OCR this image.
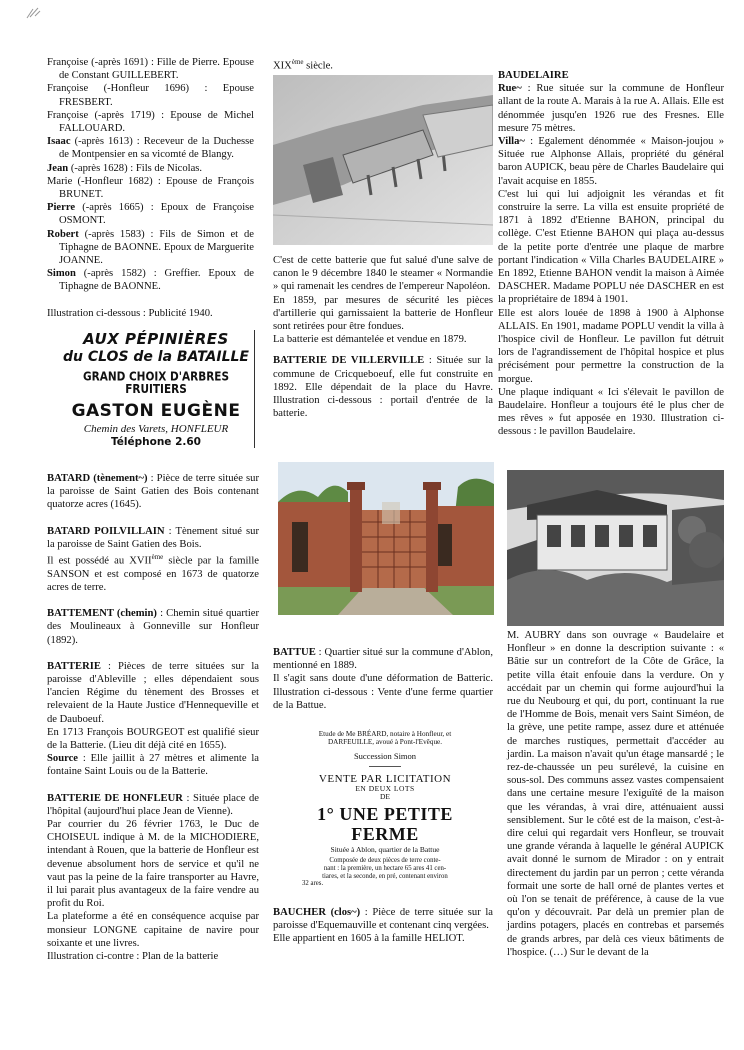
Françoise (-après 1691) : Fille de Pierre. Epouse de Constant GUILLEBERT.

Françoise (-Honfleur 1696) : Epouse FRESBERT.

Françoise (-après 1719) : Epouse de Michel FALLOUARD.

Isaac (-après 1613) : Receveur de la Duchesse de Montpensier en sa vicomté de Blangy.

Jean (-après 1628) : Fils de Nicolas.

Marie (-Honfleur 1682) : Epouse de François BRUNET.

Pierre (-après 1665) : Epoux de Françoise OSMONT.

Robert (-après 1583) : Fils de Simon et de Tiphagne de BAONNE. Epoux de Marguerite JOANNE.

Simon (-après 1582) : Greffier. Epoux de Tiphagne de BAONNE.

Illustration ci-dessous : Publicité 1940.

AUX PÉPINIÈRES
du CLOS de la BATAILLE
GRAND CHOIX D'ARBRES FRUITIERS
GASTON EUGÈNE
Chemin des Varets, HONFLEUR
Téléphone 2.60

BATARD (tènement~) : Pièce de terre située sur la paroisse de Saint Gatien des Bois contenant quatorze acres (1645).

BATARD POILVILLAIN : Tènement situé sur la paroisse de Saint Gatien des Bois.
Il est possédé au XVIIème siècle par la famille SANSON et est composé en 1673 de quatorze acres de terre.

BATTEMENT (chemin) : Chemin situé quartier des Moulineaux à Gonneville sur Honfleur (1892).

BATTERIE : Pièces de terre situées sur la paroisse d'Ableville ; elles dépendaient sous l'ancien Régime du tènement des Brosses et relevaient de la Haute Justice d'Hennequeville et de Dauboeuf.
En 1713 François BOURGEOT est qualifié sieur de la Batterie. (Lieu dit déjà cité en 1655).
Source : Elle jaillit à 27 mètres et alimente la fontaine Saint Louis ou de la Batterie.

BATTERIE DE HONFLEUR : Située place de l'hôpital (aujourd'hui place Jean de Vienne).
Par courrier du 26 février 1763, le Duc de CHOISEUL indique à M. de la MICHODIERE, intendant à Rouen, que la batterie de Honfleur est devenue absolument hors de service et qu'il ne vaut pas la peine de la faire transporter au Havre, il lui parait plus avantageux de la faire vendre au profit du Roi.
La plateforme a été en conséquence acquise par monsieur LONGNE capitaine de navire pour soixante et une livres.
Illustration ci-contre : Plan de la batterie

XIXème siècle.

C'est de cette batterie que fut salué d'une salve de canon le 9 décembre 1840 le steamer « Normandie » qui ramenait les cendres de l'empereur Napoléon.

En 1859, par mesures de sécurité les pièces d'artillerie qui garnissaient la batterie de Honfleur sont retirées pour être fondues.

La batterie est démantelée et vendue en 1879.

BATTERIE DE VILLERVILLE : Située sur la commune de Cricqueboeuf, elle fut construite en 1892. Elle dépendait de la place du Havre. Illustration ci-dessous : portail d'entrée de la batterie.

BATTUE : Quartier situé sur la commune d'Ablon, mentionné en 1889.
Il s'agit sans doute d'une déformation de Batteric. Illustration ci-dessous : Vente d'une ferme quartier de la Battue.

Etude de Me BRÉARD, notaire à Honfleur, et
DARFEUILLE, avoué à Pont-l'Evêque.
Succession Simon
VENTE PAR LICITATION
EN DEUX LOTS
DE
1° UNE PETITE FERME
Située à Ablon, quartier de la Battue
Composée de deux pièces de terre conte-
nant : la première, un hectare 65 ares 41 cen-
tiares, et la seconde, en pré, contenant environ
32 ares.

BAUCHER (clos~) : Pièce de terre située sur la paroisse d'Equemauville et contenant cinq vergées.
Elle appartient en 1605 à la famille HELIOT.

BAUDELAIRE

Rue~ : Rue située sur la commune de Honfleur allant de la route A. Marais à la rue A. Allais. Elle est dénommée jusqu'en 1926 rue des Fresnes. Elle mesure 75 mètres.

Villa~ : Egalement dénommée « Maison-joujou » Située rue Alphonse Allais, propriété du général baron AUPICK, beau père de Charles Baudelaire qui l'avait acquise en 1855.
C'est lui qui lui adjoignit les vérandas et fit construire la serre. La villa est ensuite propriété de 1871 à 1892 d'Etienne BAHON, principal du collège. C'est Etienne BAHON qui plaça au-dessus de la petite porte d'entrée une plaque de marbre portant l'indication « Villa Charles BAUDELAIRE » En 1892, Etienne BAHON vendit la maison à Aimée DASCHER. Madame POPLU née DASCHER en est la propriétaire de 1894 à 1901.
Elle est alors louée de 1898 à 1900 à Alphonse ALLAIS. En 1901, madame POPLU vendit la villa à l'hospice civil de Honfleur. Le pavillon fut détruit lors de l'agrandissement de l'hôpital hospice et plus précisément pour permettre la construction de la morgue.
Une plaque indiquant « Ici s'élevait le pavillon de Baudelaire. Honfleur a toujours été le plus cher de mes rêves » fut apposée en 1930. Illustration ci-dessous : le pavillon Baudelaire.

M. AUBRY dans son ouvrage « Baudelaire et Honfleur » en donne la description suivante : « Bâtie sur un contrefort de la Côte de Grâce, la petite villa était enfouie dans la verdure. On y accédait par un chemin qui forme aujourd'hui la rue du Neubourg et qui, du port, continuant la rue de l'Homme de Bois, menait vers Saint Siméon, de la grève, une petite rampe, assez dure et atténuée de marches rustiques, permettait d'accéder au jardin. La maison n'avait qu'un étage mansardé ; le rez-de-chaussée un peu surélevé, la cuisine en sous-sol. Des communs assez vastes compensaient dans une certaine mesure l'exiguïté de la maison que les vérandas, à vrai dire, atténuaient aussi sensiblement. Sur le côté est de la maison, c'est-à-dire celui qui regardait vers Honfleur, se trouvait une grande véranda à laquelle le général AUPICK avait donné le surnom de Mirador : on y entrait directement du jardin par un perron ; cette véranda formait une sorte de hall orné de plantes vertes et où l'on se tenait de préférence, à cause de la vue qu'on y découvrait. Par delà un premier plan de jardins potagers, placés en contrebas et parsemés de grands arbres, par delà ces vieux bâtiments de l'hospice. (…) Sur le devant de la
